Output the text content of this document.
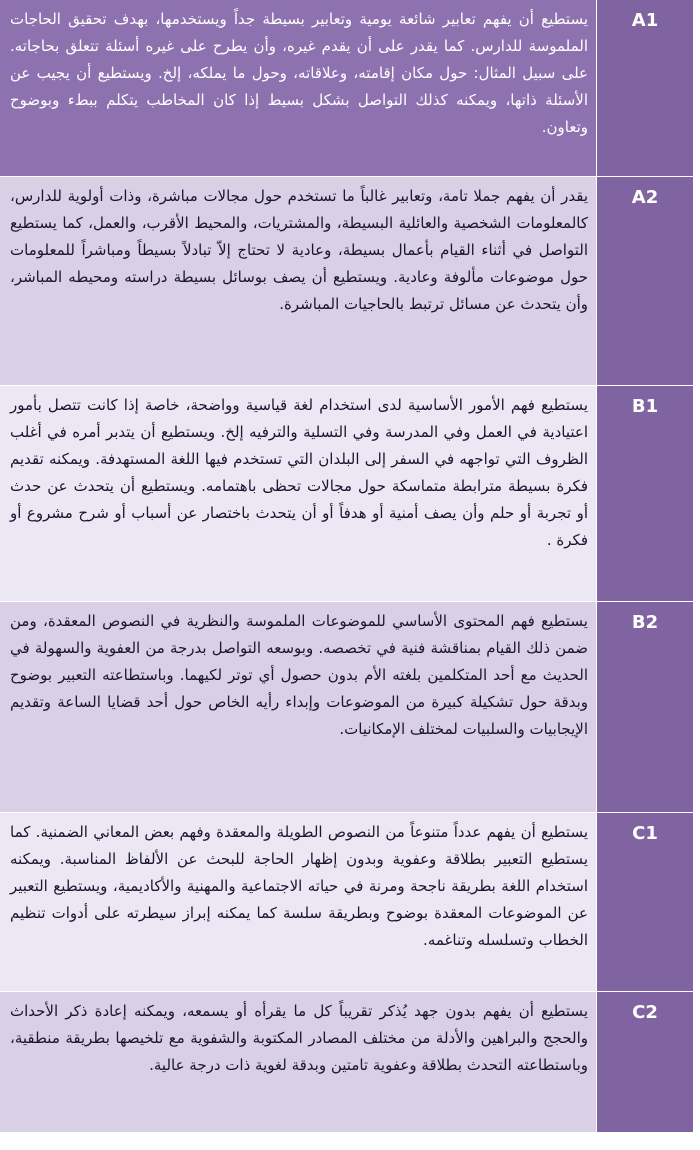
يستطيع أن يفهم تعابير شائعة يومية وتعابير بسيطة جداً ويستخدمها، بهدف تحقيق الحاجات الملموسة للدارس. كما يقدر على أن يقدم غيره، وأن يطرح على غيره أسئلة تتعلق بحاجاته. على سبيل المثال: حول مكان إقامته، وعلاقاته، وحول ما يملكه، إلخ. ويستطيع أن يجيب عن الأسئلة ذاتها، ويمكنه كذلك التواصل بشكل بسيط إذا كان المخاطب يتكلم ببطء وبوضوح وتعاون.
A1
يقدر أن يفهم جملا تامة، وتعابير غالباً ما تستخدم حول مجالات مباشرة، وذات أولوية للدارس، كالمعلومات الشخصية والعائلية البسيطة، والمشتريات، والمحيط الأقرب، والعمل، كما يستطيع التواصل في أثناء القيام بأعمال بسيطة، وعادية لا تحتاج إلاّ تبادلاً بسيطاً ومباشراً للمعلومات حول موضوعات مألوفة وعادية. ويستطيع أن يصف بوسائل بسيطة دراسته ومحيطه المباشر، وأن يتحدث عن مسائل ترتبط بالحاجيات المباشرة.
A2
يستطيع فهم الأمور الأساسية لدى استخدام لغة قياسية وواضحة، خاصة إذا كانت تتصل بأمور اعتيادية في العمل وفي المدرسة وفي التسلية والترفيه إلخ. ويستطيع أن يتدبر أمره في أغلب الظروف التي تواجهه في السفر إلى البلدان التي تستخدم فيها اللغة المستهدفة. ويمكنه تقديم فكرة بسيطة مترابطة متماسكة حول مجالات تحظى باهتمامه. ويستطيع أن يتحدث عن حدث أو تجربة أو حلم وأن يصف أمنية أو هدفاً أو أن يتحدث باختصار عن أسباب أو شرح مشروع أو فكرة .
B1
يستطيع فهم المحتوى الأساسي للموضوعات الملموسة والنظرية في النصوص المعقدة، ومن ضمن ذلك القيام بمناقشة فنية في تخصصه. وبوسعه التواصل بدرجة من العفوية والسهولة في الحديث مع أحد المتكلمين بلغته الأم بدون حصول أي توتر لكيهما. وباستطاعته التعبير بوضوح وبدقة حول تشكيلة كبيرة من الموضوعات وإبداء رأيه الخاص حول أحد قضايا الساعة وتقديم الإيجابيات والسلبيات لمختلف الإمكانيات.
B2
يستطيع أن يفهم عدداً متنوعاً من النصوص الطويلة والمعقدة وفهم بعض المعاني الضمنية. كما يستطيع التعبير بطلاقة وعفوية وبدون إظهار الحاجة للبحث عن الألفاظ المناسبة. ويمكنه استخدام اللغة بطريقة ناجحة ومرنة في حياته الاجتماعية والمهنية والأكاديمية، ويستطيع التعبير عن الموضوعات المعقدة بوضوح وبطريقة سلسة كما يمكنه إبراز سيطرته على أدوات تنظيم الخطاب وتسلسله وتناغمه.
C1
يستطيع أن يفهم بدون جهد يُذكر تقريباً كل ما يقرأه أو يسمعه، ويمكنه إعادة ذكر الأحداث والحجج والبراهين والأدلة من مختلف المصادر المكتوبة والشفوية مع تلخيصها بطريقة منطقية، وباستطاعته التحدث بطلاقة وعفوية تامتين وبدقة لغوية ذات درجة عالية.
C2
